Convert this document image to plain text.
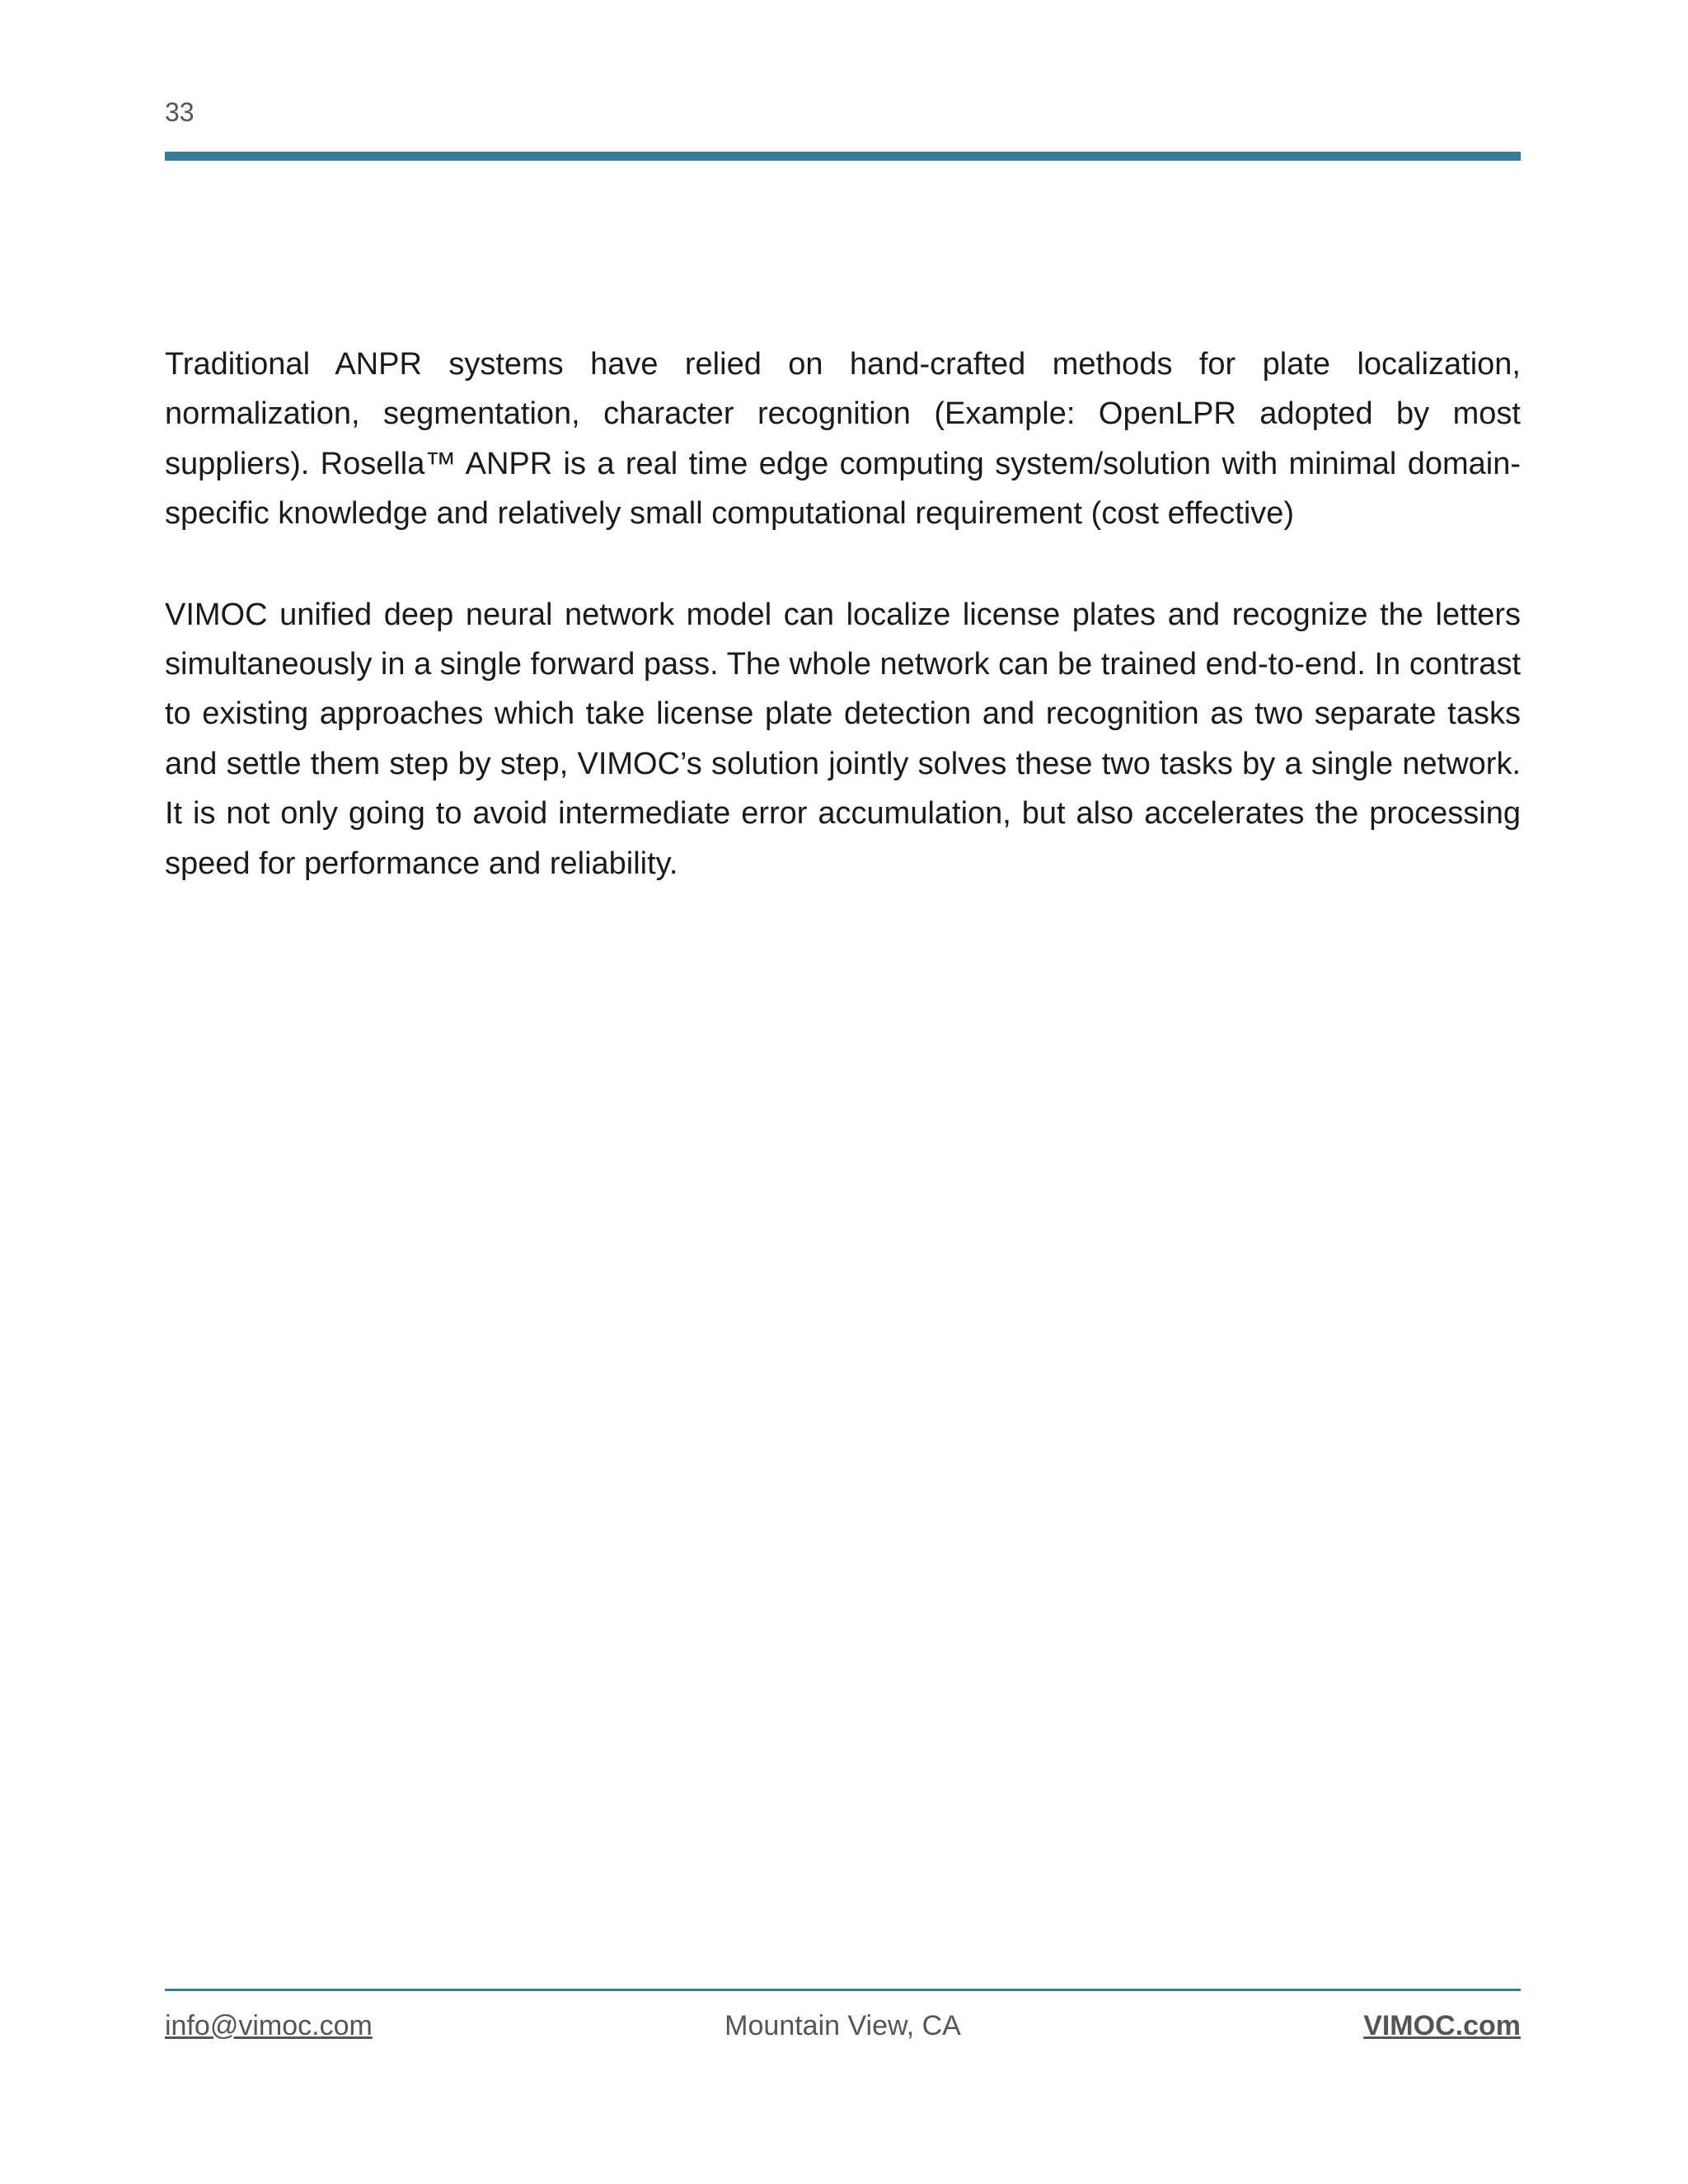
33

Traditional ANPR systems have relied on hand-crafted methods for plate localization, normalization, segmentation, character recognition (Example: OpenLPR adopted by most suppliers). Rosella™ ANPR is a real time edge computing system/solution with minimal domain-specific knowledge and relatively small computational requirement (cost effective)

VIMOC unified deep neural network model can localize license plates and recognize the letters simultaneously in a single forward pass. The whole network can be trained end-to-end. In contrast to existing approaches which take license plate detection and recognition as two separate tasks and settle them step by step, VIMOC’s solution jointly solves these two tasks by a single network. It is not only going to avoid intermediate error accumulation, but also accelerates the processing speed for performance and reliability.

info@vimoc.com	Mountain View, CA	VIMOC.com
